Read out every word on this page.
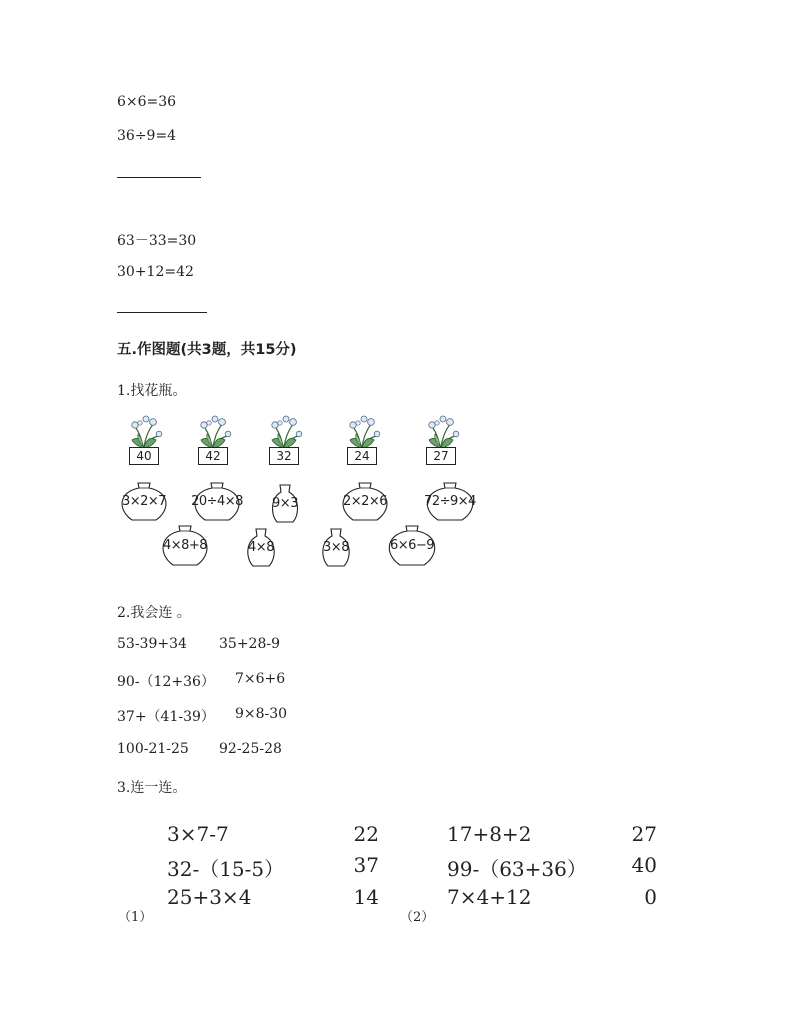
6×6=36
36÷9=4
63－33=30
30+12=42
五.作图题(共3题，共15分)
1.找花瓶。
40	42	32	24	27
3×2×7	20÷4×8 9×3	2×2×6	72÷9×4
4×8+8	4×8	3×8	6×6−9
2.我会连 。
53-39+34 35+28-9
90-（12+36） 7×6+6
37+（41-39） 9×8-30
100-21-25 92-25-28
3.连一连。
3×7-7
32-（15-5）
25+3×4
22
37
14
（1）
17+8+2
99-（63+36）
7×4+12
27
40
0
（2）
